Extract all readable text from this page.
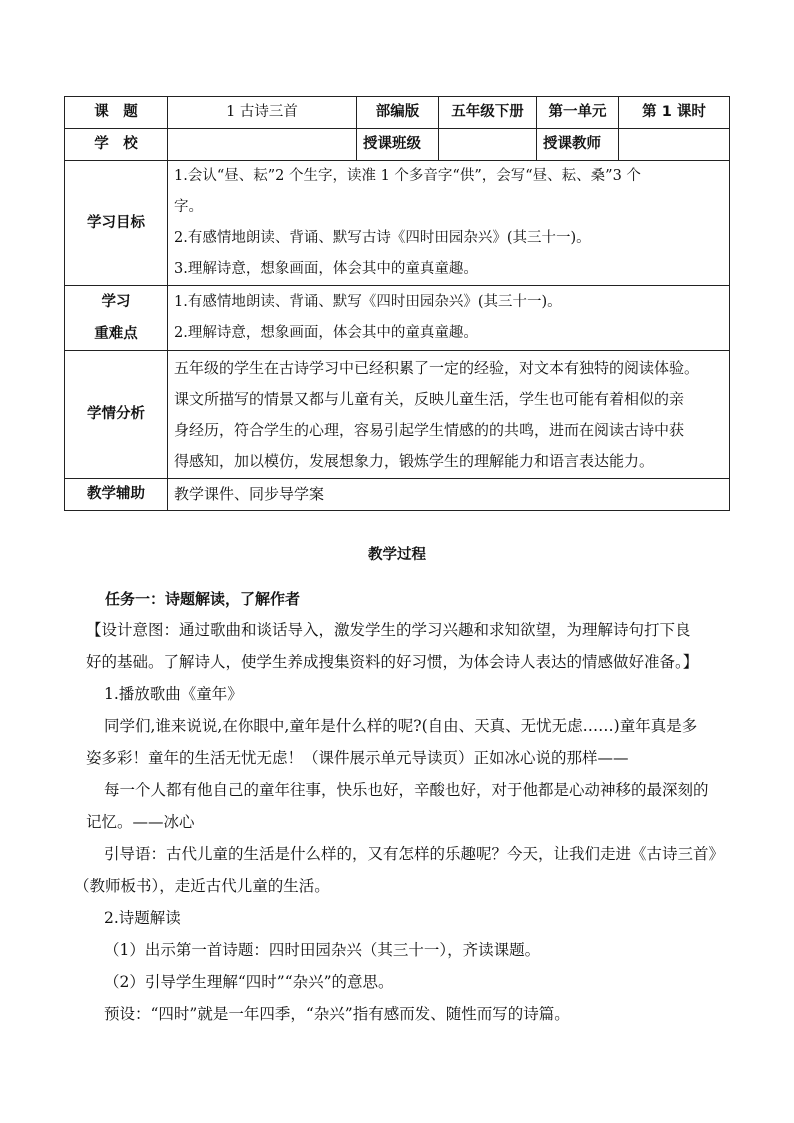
课　题	1 古诗三首	部编版	五年级下册	第一单元	第 1 课时
学　校		授课班级		授课教师	
学习目标	1.会认“昼、耘”2 个生字，读准 1 个多音字“供”，会写“昼、耘、桑”3 个
字。
2.有感情地朗读、背诵、默写古诗《四时田园杂兴》(其三十一)。
3.理解诗意，想象画面，体会其中的童真童趣。				

学习
重难点	1.有感情地朗读、背诵、默写《四时田园杂兴》(其三十一)。
2.理解诗意，想象画面，体会其中的童真童趣。				

学情分析	五年级的学生在古诗学习中已经积累了一定的经验，对文本有独特的阅读体验。
课文所描写的情景又都与儿童有关，反映儿童生活，学生也可能有着相似的亲
身经历，符合学生的心理，容易引起学生情感的的共鸣，进而在阅读古诗中获
得感知，加以模仿，发展想象力，锻炼学生的理解能力和语言表达能力。				

教学辅助	教学课件、同步导学案				
教学过程
任务一：诗题解读，了解作者
【设计意图：通过歌曲和谈话导入，激发学生的学习兴趣和求知欲望，为理解诗句打下良
好的基础。了解诗人，使学生养成搜集资料的好习惯，为体会诗人表达的情感做好准备。】
1.播放歌曲《童年》
同学们,谁来说说,在你眼中,童年是什么样的呢?(自由、天真、无忧无虑……)童年真是多
姿多彩！童年的生活无忧无虑！（课件展示单元导读页）正如冰心说的那样——
每一个人都有他自己的童年往事，快乐也好，辛酸也好，对于他都是心动神移的最深刻的
记忆。——冰心
引导语：古代儿童的生活是什么样的，又有怎样的乐趣呢？今天，让我们走进《古诗三首》
（教师板书），走近古代儿童的生活。
2.诗题解读
（1）出示第一首诗题：四时田园杂兴（其三十一），齐读课题。
（2）引导学生理解“四时”“杂兴”的意思。
预设：“四时”就是一年四季，“杂兴”指有感而发、随性而写的诗篇。
